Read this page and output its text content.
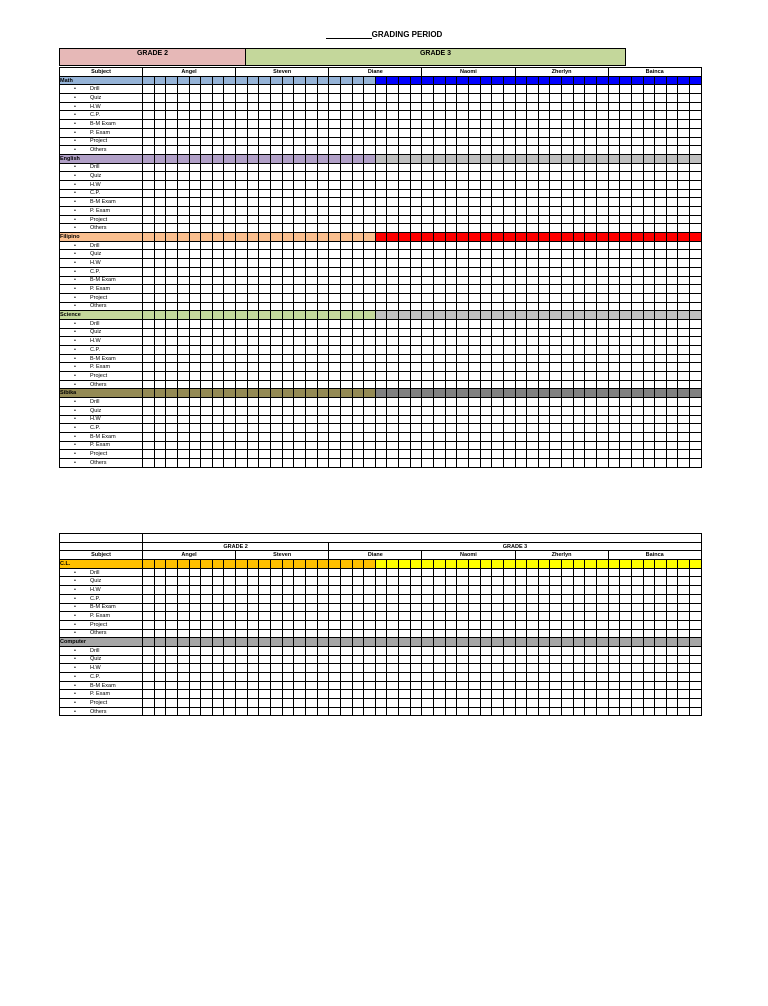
GRADING PERIOD
GRADE 2	GRADE 3
Subject	Angel								Steven								Diane								Naomi								Zherlyn								Bainca							
Math																																																
• Drill																																																
• Quiz																																																
• H.W																																																
• C.P.																																																
• B-M Exam																																																
• P. Exam																																																
• Project																																																
• Others																																																
English																																																
• Drill																																																
• Quiz																																																
• H.W																																																
• C.P.																																																
• B-M Exam																																																
• P. Exam																																																
• Project																																																
• Others																																																
Filipino																																																
• Drill																																																
• Quiz																																																
• H.W																																																
• C.P.																																																
• B-M Exam																																																
• P. Exam																																																
• Project																																																
• Others																																																
Science																																																
• Drill																																																
• Quiz																																																
• H.W																																																
• C.P.																																																
• B-M Exam																																																
• P. Exam																																																
• Project																																																
• Others																																																
Sibika																																																
• Drill																																																
• Quiz																																																
• H.W																																																
• C.P.																																																
• B-M Exam																																																
• P. Exam																																																
• Project																																																
• Others																																																

	GRADE 2																GRADE 3																															
Subject	Angel								Steven								Diane								Naomi								Zherlyn								Bainca							
C.L.																																																
• Drill																																																
• Quiz																																																
• H.W																																																
• C.P.																																																
• B-M Exam																																																
• P. Exam																																																
• Project																																																
• Others																																																
Computer																																																
• Drill																																																
• Quiz																																																
• H.W																																																
• C.P.																																																
• B-M Exam																																																
• P. Exam																																																
• Project																																																
• Others																																																
